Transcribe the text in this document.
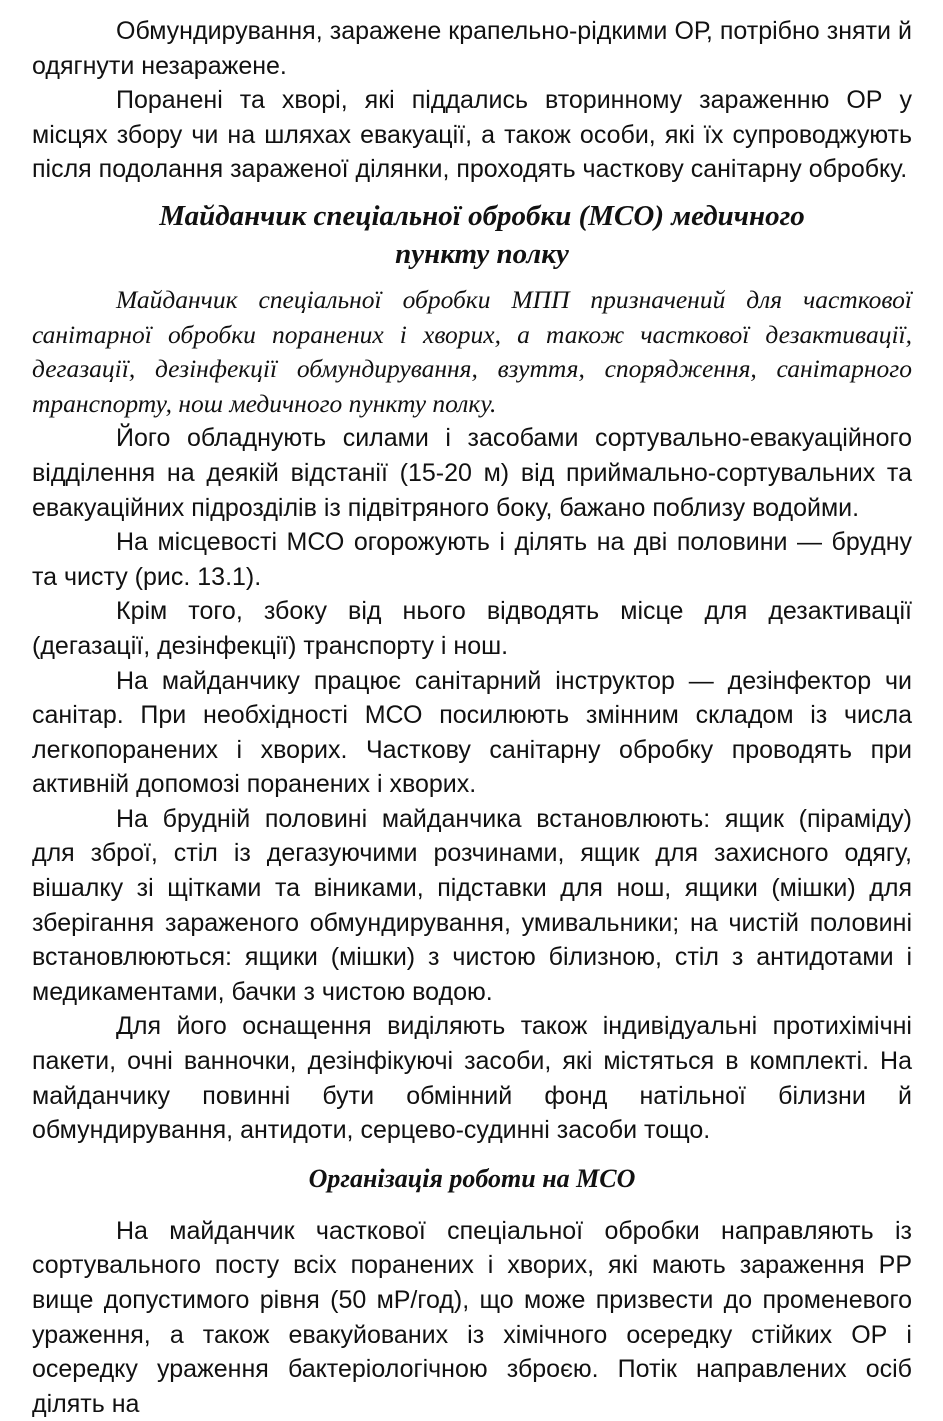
Обмундирування, заражене крапельно-рідкими ОР, потрібно зняти й одягнути незаражене.

Поранені та хворі, які піддались вторинному зараженню ОР у місцях збору чи на шляхах евакуації, а також особи, які їх супроводжують після подолання зараженої ділянки, проходять часткову санітарну обробку.

Майданчик спеціальної обробки (МСО) медичного
пункту полку

Майданчик спеціальної обробки МПП призначений для часткової санітарної обробки поранених і хворих, а також часткової дезактивації, дегазації, дезінфекції обмундирування, взуття, спорядження, санітарного транспорту, нош медичного пункту полку.

Його обладнують силами і засобами сортувально-евакуаційного відділення на деякій відстанії (15-20 м) від приймально-сортувальних та евакуаційних підрозділів із підвітряного боку, бажано поблизу водойми.

На місцевості МСО огорожують і ділять на дві половини — брудну та чисту (рис. 13.1).

Крім того, збоку від нього відводять місце для дезактивації (дегазації, дезінфекції) транспорту і нош.

На майданчику працює санітарний інструктор — дезінфектор чи санітар. При необхідності МСО посилюють змінним складом із числа легкопоранених і хворих. Часткову санітарну обробку проводять при активній допомозі поранених і хворих.

На брудній половині майданчика встановлюють: ящик (піраміду) для зброї, стіл із дегазуючими розчинами, ящик для захисного одягу, вішалку зі щітками та віниками, підставки для нош, ящики (мішки) для зберігання зараженого обмундирування, умивальники; на чистій половині встановлюються: ящики (мішки) з чистою білизною, стіл з антидотами і медикаментами, бачки з чистою водою.

Для його оснащення виділяють також індивідуальні протихімічні пакети, очні ванночки, дезінфікуючі засоби, які містяться в комплекті. На майданчику повинні бути обмінний фонд натільної білизни й обмундирування, антидоти, серцево-судинні засоби тощо.

Організація роботи на МСО

На майданчик часткової спеціальної обробки направляють із сортувального посту всіх поранених і хворих, які мають зараження РР вище допустимого рівня (50 мР/год), що може призвести до променевого ураження, а також евакуйованих із хімічного осередку стійких ОР і осередку ураження бактеріологічною зброєю. Потік направлених осіб ділять на
